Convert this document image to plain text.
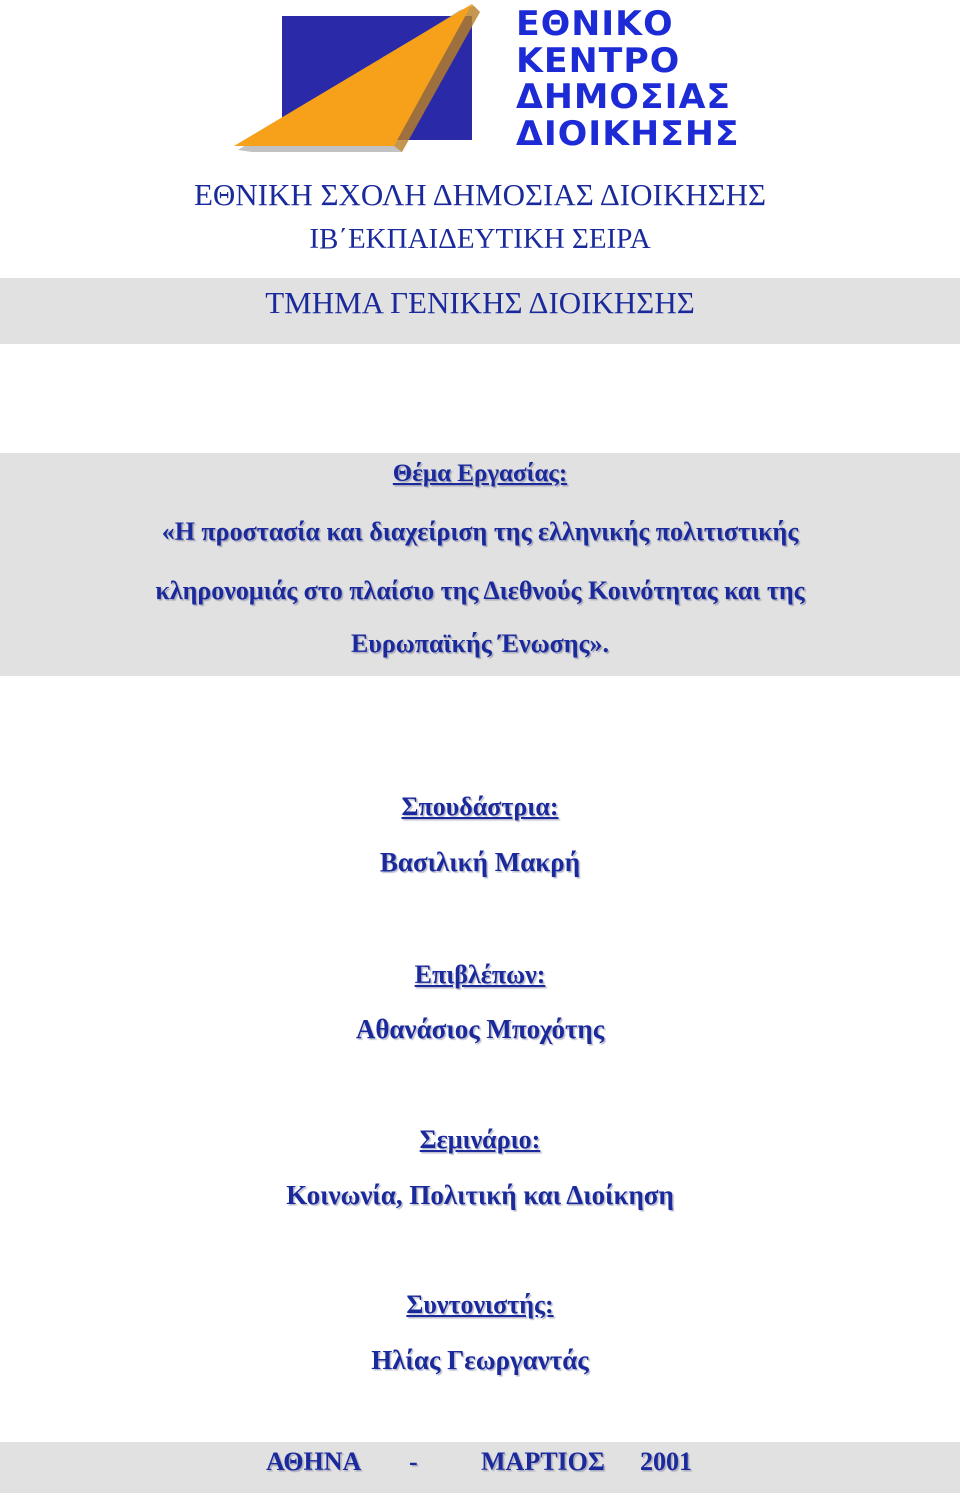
ΕΘΝΙΚΟ
ΚΕΝΤΡΟ
ΔΗΜΟΣΙΑΣ
ΔΙΟΙΚΗΣΗΣ
ΕΘΝΙΚΗ ΣΧΟΛΗ ΔΗΜΟΣΙΑΣ ΔΙΟΙΚΗΣΗΣ
ΙΒ΄ΕΚΠΑΙΔΕΥΤΙΚΗ ΣΕΙΡΑ
ΤΜΗΜΑ ΓΕΝΙΚΗΣ ΔΙΟΙΚΗΣΗΣ
Θέμα Εργασίας:
«Η προστασία και διαχείριση της ελληνικής πολιτιστικής
κληρονομιάς στο πλαίσιο της Διεθνούς Κοινότητας και της
Ευρωπαϊκής Ένωσης».
Σπουδάστρια:
Βασιλική Μακρή
Επιβλέπων:
Αθανάσιος Μποχότης
Σεμινάριο:
Κοινωνία, Πολιτική και Διοίκηση
Συντονιστής:
Ηλίας Γεωργαντάς
ΑΘΗΝΑ - ΜΑΡΤΙΟΣ 2001
